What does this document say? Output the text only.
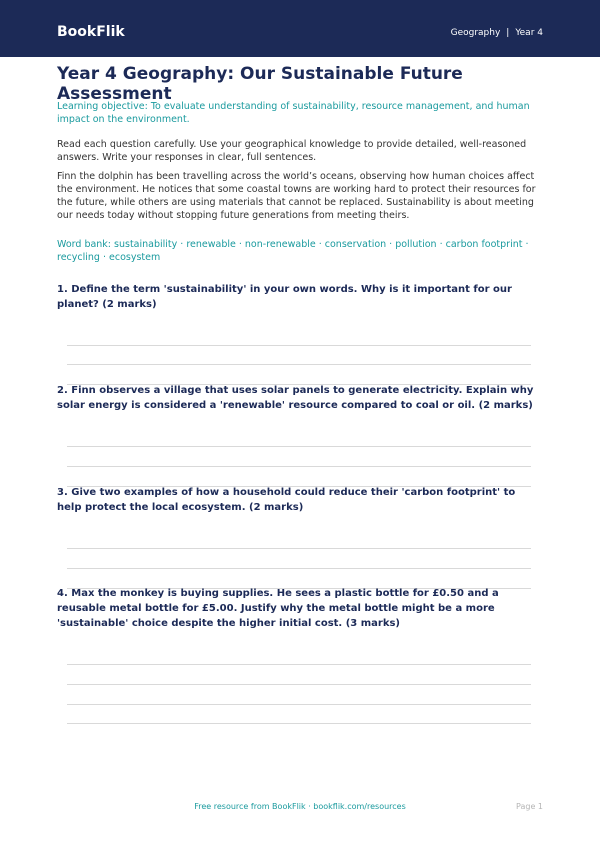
BookFlik	Geography | Year 4
Year 4 Geography: Our Sustainable Future Assessment

Learning objective: To evaluate understanding of sustainability, resource management, and human impact on the environment.

Read each question carefully. Use your geographical knowledge to provide detailed, well-reasoned answers. Write your responses in clear, full sentences.

Finn the dolphin has been travelling across the world’s oceans, observing how human choices affect the environment. He notices that some coastal towns are working hard to protect their resources for the future, while others are using materials that cannot be replaced. Sustainability is about meeting our needs today without stopping future generations from meeting theirs.

Word bank: sustainability · renewable · non-renewable · conservation · pollution · carbon footprint · recycling · ecosystem

1. Define the term 'sustainability' in your own words. Why is it important for our planet? (2 marks)

2. Finn observes a village that uses solar panels to generate electricity. Explain why solar energy is considered a 'renewable' resource compared to coal or oil. (2 marks)

3. Give two examples of how a household could reduce their 'carbon footprint' to help protect the local ecosystem. (2 marks)

4. Max the monkey is buying supplies. He sees a plastic bottle for £0.50 and a reusable metal bottle for £5.00. Justify why the metal bottle might be a more 'sustainable' choice despite the higher initial cost. (3 marks)

Free resource from BookFlik · bookflik.com/resources	Page 1
